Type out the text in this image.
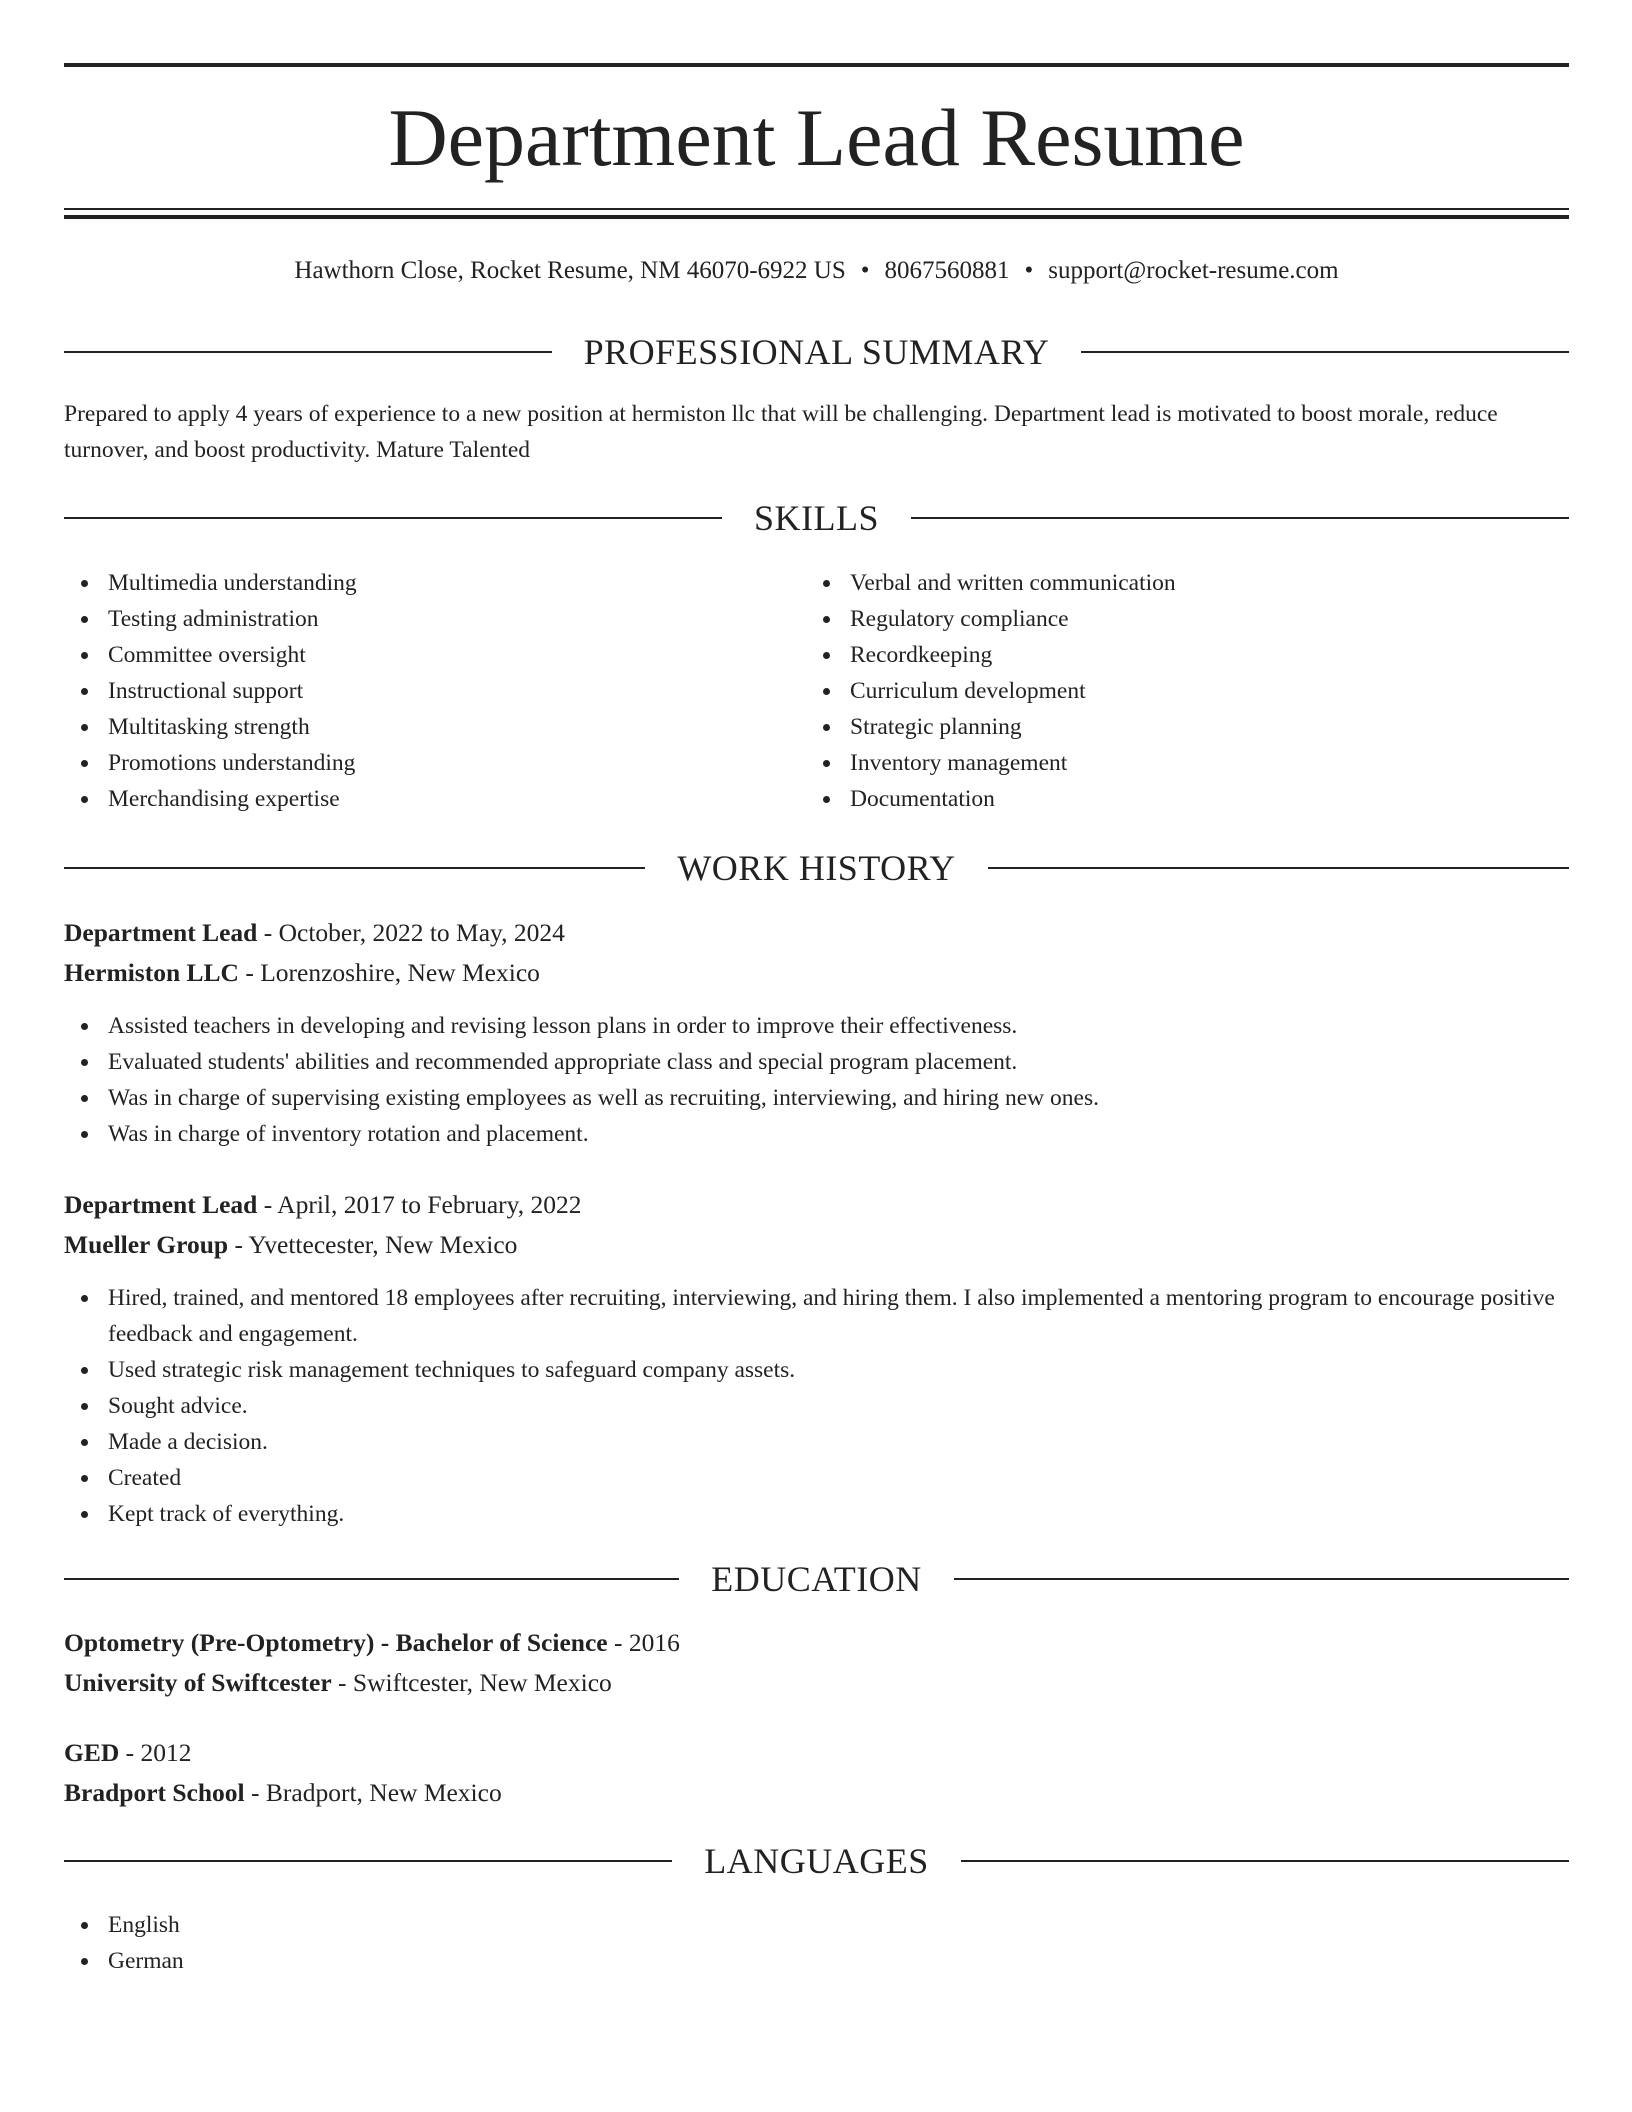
Department Lead Resume
Hawthorn Close, Rocket Resume, NM 46070-6922 US • 8067560881 • support@rocket-resume.com
PROFESSIONAL SUMMARY

Prepared to apply 4 years of experience to a new position at hermiston llc that will be challenging. Department lead is motivated to boost morale, reduce turnover, and boost productivity. Mature Talented

SKILLS
Multimedia understanding
Testing administration
Committee oversight
Instructional support
Multitasking strength
Promotions understanding
Merchandising expertise
Verbal and written communication
Regulatory compliance
Recordkeeping
Curriculum development
Strategic planning
Inventory management
Documentation
WORK HISTORY

Department Lead - October, 2022 to May, 2024

Hermiston LLC - Lorenzoshire, New Mexico

Assisted teachers in developing and revising lesson plans in order to improve their effectiveness.
Evaluated students' abilities and recommended appropriate class and special program placement.
Was in charge of supervising existing employees as well as recruiting, interviewing, and hiring new ones.
Was in charge of inventory rotation and placement.

Department Lead - April, 2017 to February, 2022

Mueller Group - Yvettecester, New Mexico

Hired, trained, and mentored 18 employees after recruiting, interviewing, and hiring them. I also implemented a mentoring program to encourage positive feedback and engagement.
Used strategic risk management techniques to safeguard company assets.
Sought advice.
Made a decision.
Created
Kept track of everything.
EDUCATION

Optometry (Pre-Optometry) - Bachelor of Science - 2016

University of Swiftcester - Swiftcester, New Mexico

GED - 2012

Bradport School - Bradport, New Mexico

LANGUAGES
English
German
